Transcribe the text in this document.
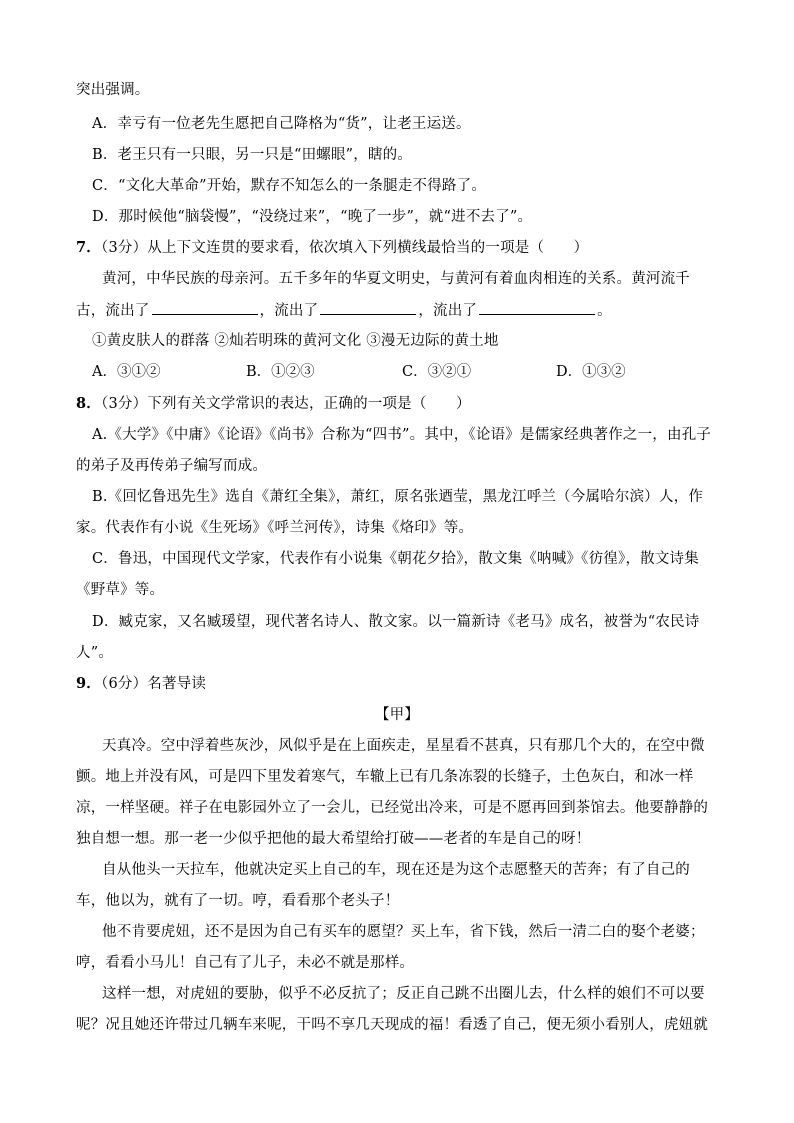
突出强调。
A．幸亏有一位老先生愿把自己降格为“货”，让老王运送。
B．老王只有一只眼，另一只是“田螺眼”，瞎的。
C．“文化大革命”开始，默存不知怎么的一条腿走不得路了。
D．那时候他“脑袋慢”，“没绕过来”，“晚了一步”，就“进不去了”。
7．（3分）从上下文连贯的要求看，依次填入下列横线最恰当的一项是（　　）
黄河，中华民族的母亲河。五千多年的华夏文明史，与黄河有着血肉相连的关系。黄河流千
古，流出了	，流出了	，流出了	。
①黄皮肤人的群落 ②灿若明珠的黄河文化 ③漫无边际的黄土地
A．③①②	B．①②③	C．③②①	D．①③②
8．（3分）下列有关文学常识的表达，正确的一项是（　　）
A.《大学》《中庸》《论语》《尚书》合称为“四书”。其中，《论语》是儒家经典著作之一，由孔子
的弟子及再传弟子编写而成。
B.《回忆鲁迅先生》选自《萧红全集》，萧红，原名张迺莹，黑龙江呼兰（今属哈尔滨）人，作
家。代表作有小说《生死场》《呼兰河传》，诗集《烙印》等。
C．鲁迅，中国现代文学家，代表作有小说集《朝花夕拾》，散文集《呐喊》《彷徨》，散文诗集
《野草》等。
D．臧克家，又名臧瑗望，现代著名诗人、散文家。以一篇新诗《老马》成名，被誉为“农民诗
人”。
9．（6分）名著导读
【甲】
天真冷。空中浮着些灰沙，风似乎是在上面疾走，星星看不甚真，只有那几个大的，在空中微
颤。地上并没有风，可是四下里发着寒气，车辙上已有几条冻裂的长缝子，土色灰白，和冰一样
凉，一样坚硬。祥子在电影园外立了一会儿，已经觉出冷来，可是不愿再回到茶馆去。他要静静的
独自想一想。那一老一少似乎把他的最大希望给打破——老者的车是自己的呀！
自从他头一天拉车，他就决定买上自己的车，现在还是为这个志愿整天的苦奔；有了自己的
车，他以为，就有了一切。哼，看看那个老头子！
他不肯要虎妞，还不是因为自己有买车的愿望？买上车，省下钱，然后一清二白的娶个老婆；
哼，看看小马儿！自己有了儿子，未必不就是那样。
这样一想，对虎妞的要胁，似乎不必反抗了；反正自己跳不出圈儿去，什么样的娘们不可以要
呢？况且她还许带过几辆车来呢，干吗不享几天现成的福！看透了自己，便无须小看别人，虎妞就
